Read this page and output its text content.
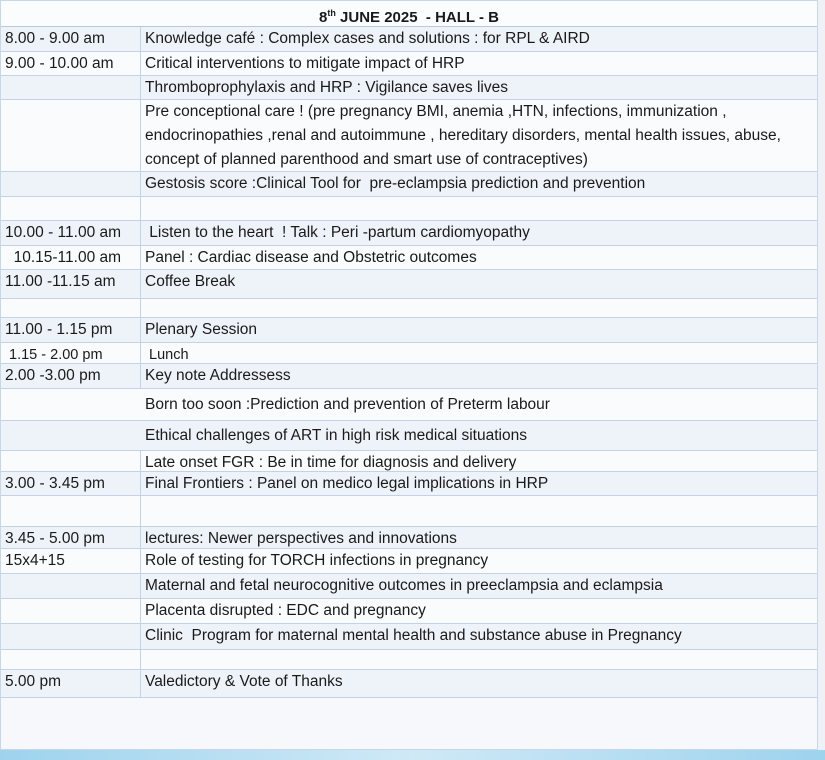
8th JUNE 2025  - HALL - B
8.00 - 9.00 am	Knowledge café : Complex cases and solutions : for RPL & AIRD
9.00 - 10.00 am	Critical interventions to mitigate impact of HRP
Thromboprophylaxis and HRP : Vigilance saves lives
Pre conceptional care ! (pre pregnancy BMI, anemia ,HTN, infections, immunization , endocrinopathies ,renal and autoimmune , hereditary disorders, mental health issues, abuse, concept of planned parenthood and smart use of contraceptives)
Gestosis score :Clinical Tool for  pre-eclampsia prediction and prevention
10.00 - 11.00 am	Listen to the heart  ! Talk : Peri -partum cardiomyopathy
10.15-11.00 am	Panel : Cardiac disease and Obstetric outcomes
11.00 -11.15 am	Coffee Break
11.00 - 1.15 pm	Plenary Session
1.15 - 2.00 pm	Lunch
2.00 -3.00 pm	Key note Addressess
Born too soon :Prediction and prevention of Preterm labour
Ethical challenges of ART in high risk medical situations
Late onset FGR : Be in time for diagnosis and delivery
3.00 - 3.45 pm	Final Frontiers : Panel on medico legal implications in HRP
3.45 - 5.00 pm	lectures: Newer perspectives and innovations
15x4+15	Role of testing for TORCH infections in pregnancy
Maternal and fetal neurocognitive outcomes in preeclampsia and eclampsia
Placenta disrupted : EDC and pregnancy
Clinic  Program for maternal mental health and substance abuse in Pregnancy
5.00 pm	Valedictory & Vote of Thanks
